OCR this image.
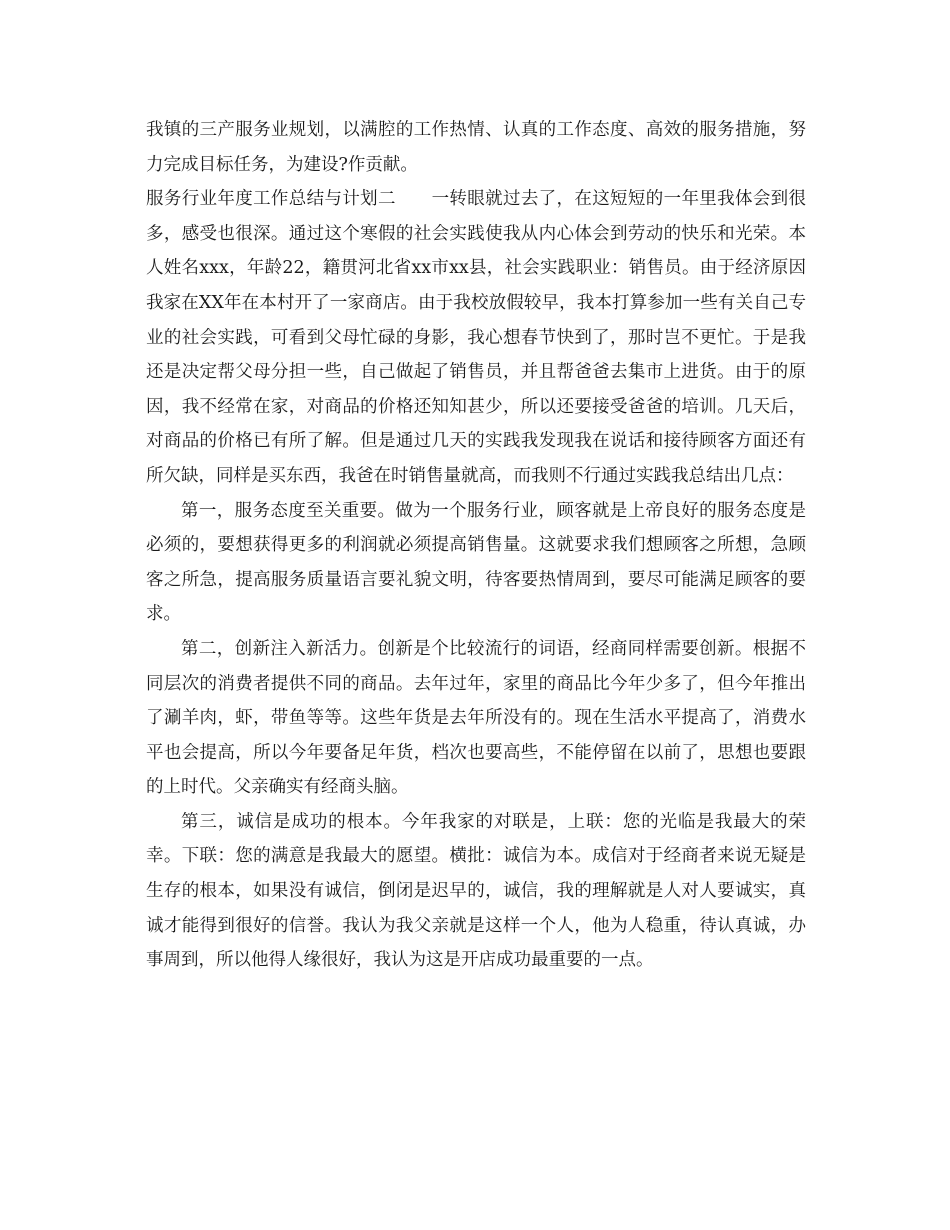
我镇的三产服务业规划，以满腔的工作热情、认真的工作态度、高效的服务措施，努力完成目标任务，为建设?作贡献。

服务行业年度工作总结与计划二　　 一转眼就过去了，在这短短的一年里我体会到很多，感受也很深。通过这个寒假的社会实践使我从内心体会到劳动的快乐和光荣。本人姓名xxx，年龄22，籍贯河北省xx市xx县，社会实践职业：销售员。由于经济原因我家在XX年在本村开了一家商店。由于我校放假较早，我本打算参加一些有关自己专业的社会实践，可看到父母忙碌的身影，我心想春节快到了，那时岂不更忙。于是我还是决定帮父母分担一些，自己做起了销售员，并且帮爸爸去集市上进货。由于的原因，我不经常在家，对商品的价格还知知甚少，所以还要接受爸爸的培训。几天后，对商品的价格已有所了解。但是通过几天的实践我发现我在说话和接待顾客方面还有所欠缺，同样是买东西，我爸在时销售量就高，而我则不行通过实践我总结出几点：

第一，服务态度至关重要。做为一个服务行业，顾客就是上帝良好的服务态度是必须的，要想获得更多的利润就必须提高销售量。这就要求我们想顾客之所想，急顾客之所急，提高服务质量语言要礼貌文明，待客要热情周到，要尽可能满足顾客的要求。

第二，创新注入新活力。创新是个比较流行的词语，经商同样需要创新。根据不同层次的消费者提供不同的商品。去年过年，家里的商品比今年少多了，但今年推出了涮羊肉，虾，带鱼等等。这些年货是去年所没有的。现在生活水平提高了，消费水平也会提高，所以今年要备足年货，档次也要高些，不能停留在以前了，思想也要跟的上时代。父亲确实有经商头脑。

第三，诚信是成功的根本。今年我家的对联是，上联：您的光临是我最大的荣幸。下联：您的满意是我最大的愿望。横批：诚信为本。成信对于经商者来说无疑是生存的根本，如果没有诚信，倒闭是迟早的，诚信，我的理解就是人对人要诚实，真诚才能得到很好的信誉。我认为我父亲就是这样一个人，他为人稳重，待认真诚，办事周到，所以他得人缘很好，我认为这是开店成功最重要的一点。
